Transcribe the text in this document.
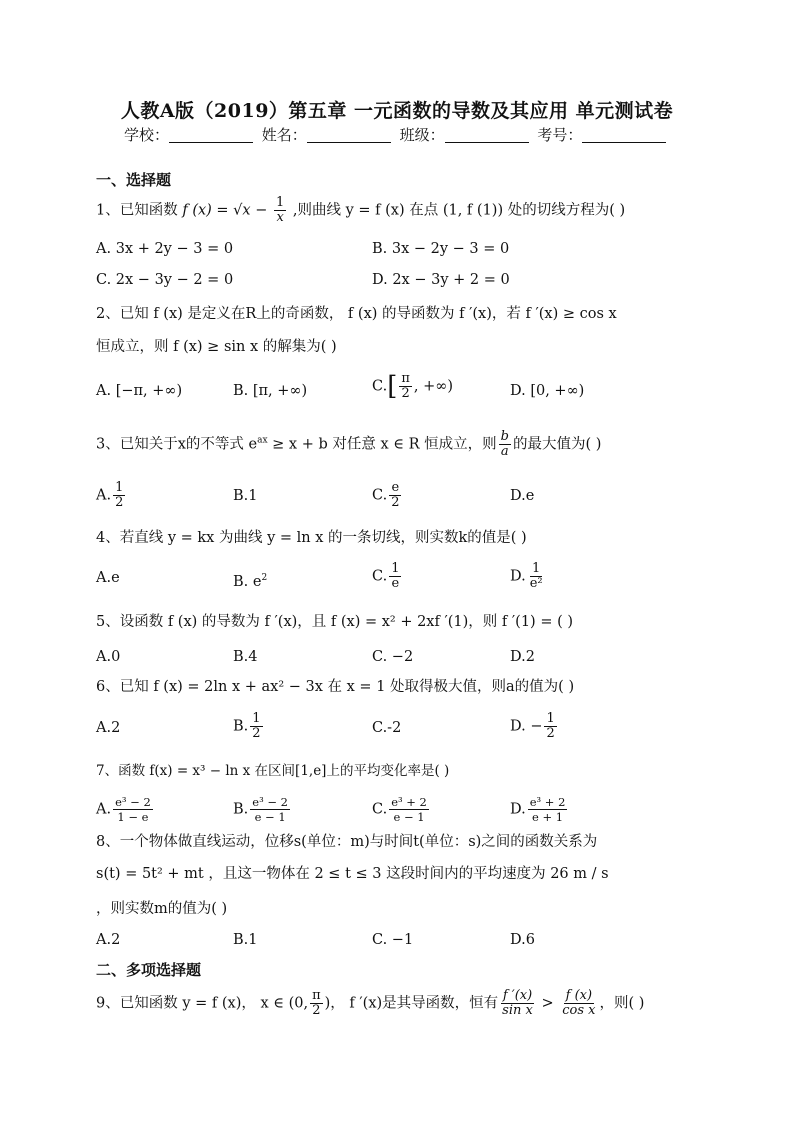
人教A版（2019）第五章 一元函数的导数及其应用 单元测试卷
学校：	姓名：	班级：	考号：
一、选择题
1、已知函数 f $(x) = √x - \frac{1}{x}$ ,则曲线 y = f (x) 在点 (1, f (1)) 处的切线方程为( )
A. 3x + 2y − 3 = 0	B. 3x − 2y − 3 = 0
C. 2x − 3y − 2 = 0	D. 2x − 3y + 2 = 0
2、已知 f (x) 是定义在R上的奇函数， f (x) 的导函数为 f ′(x)，若 f ′(x) ≥ cos x
恒成立，则 f (x) ≥ sin x 的解集为( )
A. [−π, +∞)	B. [π, +∞)	$C.[ \frac{\pi}{2}$ , +∞)	D. [0, +∞)
3、已知关于x的不等式 $e^{ax} \ge x + b$ 对任意 x ∈ R 恒成立，则 $\frac{b}{a}$ 的最大值为( )
A. $\frac{1}{2}$	B.1	C. $\frac{e}{2}$	D.e
4、若直线 y = kx 为曲线 y = ln x 的一条切线，则实数k的值是( )
A.e	B. $e^2$	C. $\frac{1}{e}$	D. $\frac{1}{\text{e²}}$
5、设函数 f (x) 的导数为 f ′(x)，且 f (x) = x² + 2xf ′(1)，则 f ′(1) = ( )
A.0	B.4	C. −2	D.2
6、已知 f (x) = 2ln x + ax² − 3x 在 x = 1 处取得极大值，则a的值为( )
A.2	B. $\frac{1}{2}$	C.-2	D. − $\frac{1}{2}$
7、函数 f(x) = x³ − ln x 在区间[1,e]上的平均变化率是( )
A. $\frac{\text{e³ − 2}}{1 - e}$	B. $\frac{\text{e³ − 2}}{e - 1}$	C. $\frac{\text{e³ + 2}}{e - 1}$	D. $\frac{\text{e³ + 2}}{e + 1}$
8、一个物体做直线运动，位移s(单位：m)与时间t(单位：s)之间的函数关系为
s(t) = 5t² + mt ，且这一物体在 2 ≤ t ≤ 3 这段时间内的平均速度为 26 m / s
，则实数m的值为( )
A.2	B.1	C. −1	D.6
二、多项选择题
9、已知函数 y = f (x)， x ∈ (0, $\frac{\pi}{2}$ )， f ′(x)是其导函数，恒有 $\frac{f '(x)}{\text{sin x}} > \frac{f (x)}{\text{cos x}}$ ，则( )
